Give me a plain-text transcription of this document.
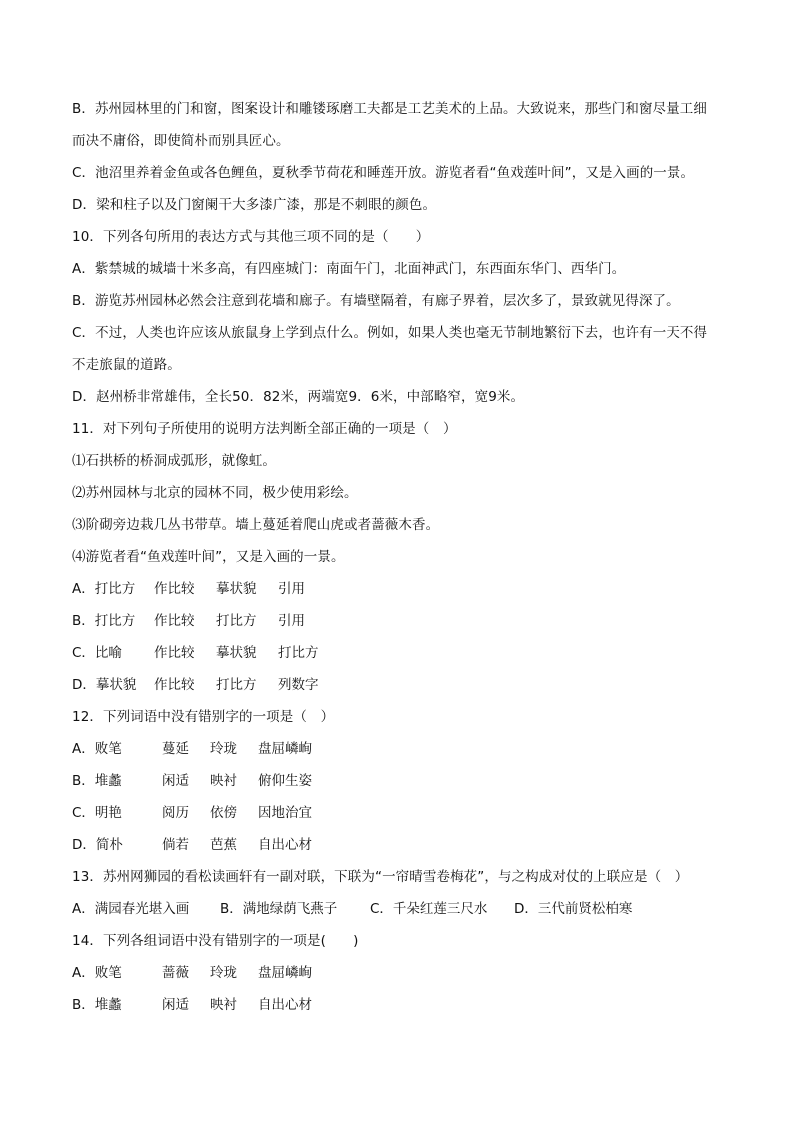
B．苏州园林里的门和窗，图案设计和雕镂琢磨工夫都是工艺美术的上品。大致说来，那些门和窗尽量工细
而决不庸俗，即使简朴而别具匠心。
C．池沼里养着金鱼或各色鲤鱼，夏秋季节荷花和睡莲开放。游览者看“鱼戏莲叶间”，又是入画的一景。
D．梁和柱子以及门窗阑干大多漆广漆，那是不刺眼的颜色。
10．下列各句所用的表达方式与其他三项不同的是（　　）
A．紫禁城的城墙十米多高，有四座城门：南面午门，北面神武门，东西面东华门、西华门。
B．游览苏州园林必然会注意到花墙和廊子。有墙壁隔着，有廊子界着，层次多了，景致就见得深了。
C．不过，人类也许应该从旅鼠身上学到点什么。例如，如果人类也毫无节制地繁衍下去，也许有一天不得
不走旅鼠的道路。
D．赵州桥非常雄伟，全长50．82米，两端宽9．6米，中部略窄，宽9米。
11．对下列句子所使用的说明方法判断全部正确的一项是（　）
⑴石拱桥的桥洞成弧形，就像虹。
⑵苏州园林与北京的园林不同，极少使用彩绘。
⑶阶砌旁边栽几丛书带草。墙上蔓延着爬山虎或者蔷薇木香。
⑷游览者看“鱼戏莲叶间”，又是入画的一景。
A．打比方 作比较 摹状貌 引用
B．打比方 作比较 打比方 引用
C．比喻 作比较 摹状貌 打比方
D．摹状貌 作比较 打比方 列数字
12．下列词语中没有错别字的一项是（　）
A．败笔	蔓延 玲珑 盘屈嶙峋
B．堆蠡	闲适 映衬 俯仰生姿
C．明艳	阅历 依傍 因地治宜
D．简朴	倘若 芭蕉 自出心材
13．苏州网狮园的看松读画轩有一副对联，下联为“一帘晴雪卷梅花”，与之构成对仗的上联应是（　）
A．满园春光堪入画 B．满地绿荫飞燕子 C．千朵红莲三尺水 D．三代前贤松柏寒
14．下列各组词语中没有错别字的一项是(　　)
A．败笔	蔷薇 玲珑 盘屈嶙峋
B．堆蠡	闲适 映衬 自出心材
